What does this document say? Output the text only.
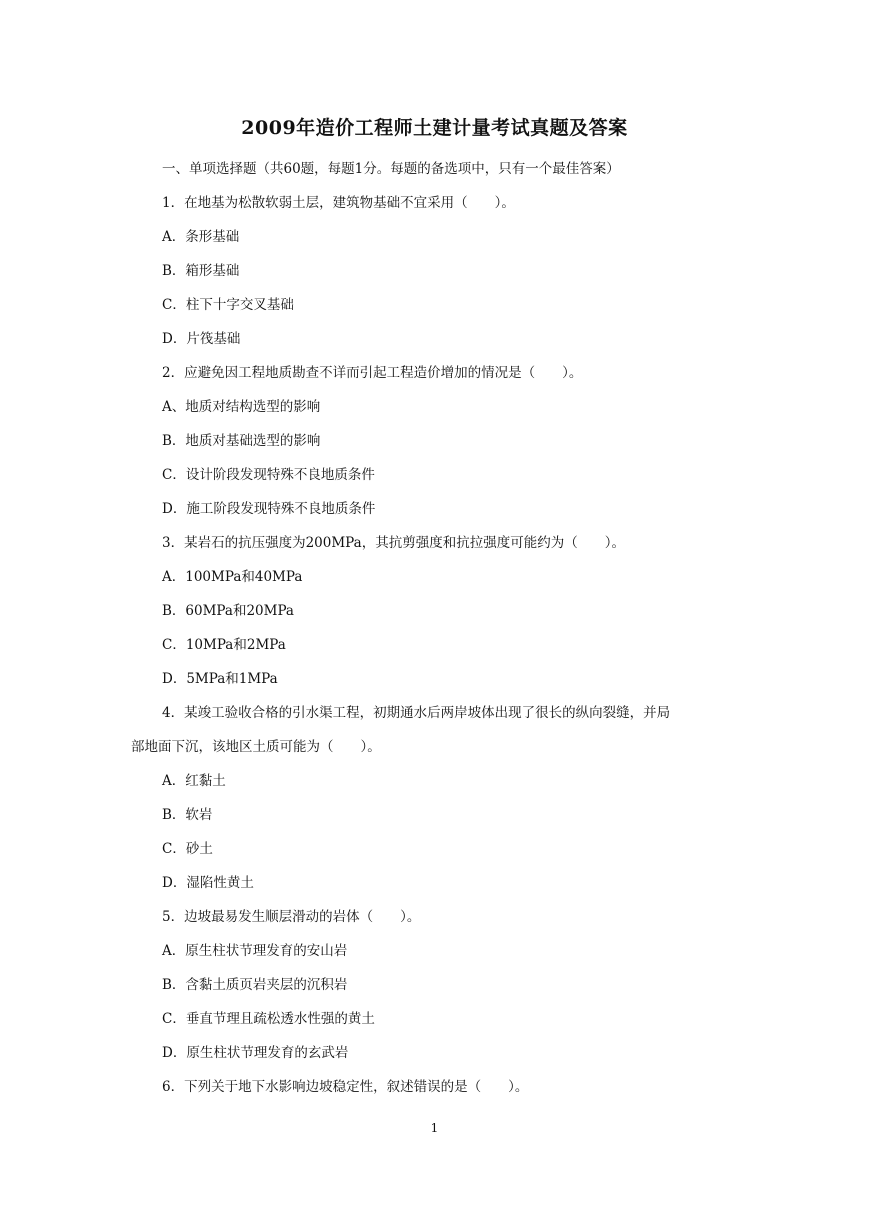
2009年造价工程师土建计量考试真题及答案
一、单项选择题（共60题，每题1分。每题的备选项中，只有一个最佳答案）
1．在地基为松散软弱土层，建筑物基础不宜采用（　　）。
A．条形基础
B．箱形基础
C．柱下十字交叉基础
D．片筏基础
2．应避免因工程地质勘查不详而引起工程造价增加的情况是（　　）。
A、地质对结构选型的影响
B．地质对基础选型的影响
C．设计阶段发现特殊不良地质条件
D．施工阶段发现特殊不良地质条件
3．某岩石的抗压强度为200MPa，其抗剪强度和抗拉强度可能约为（　　）。
A．100MPa和40MPa
B．60MPa和20MPa
C．10MPa和2MPa
D．5MPa和1MPa
4．某竣工验收合格的引水渠工程，初期通水后两岸坡体出现了很长的纵向裂缝，并局
部地面下沉，该地区土质可能为（　　）。
A．红黏土
B．软岩
C．砂土
D．湿陷性黄土
5．边坡最易发生顺层滑动的岩体（　　）。
A．原生柱状节理发育的安山岩
B．含黏土质页岩夹层的沉积岩
C．垂直节理且疏松透水性强的黄土
D．原生柱状节理发育的玄武岩
6．下列关于地下水影响边坡稳定性，叙述错误的是（　　）。
1
